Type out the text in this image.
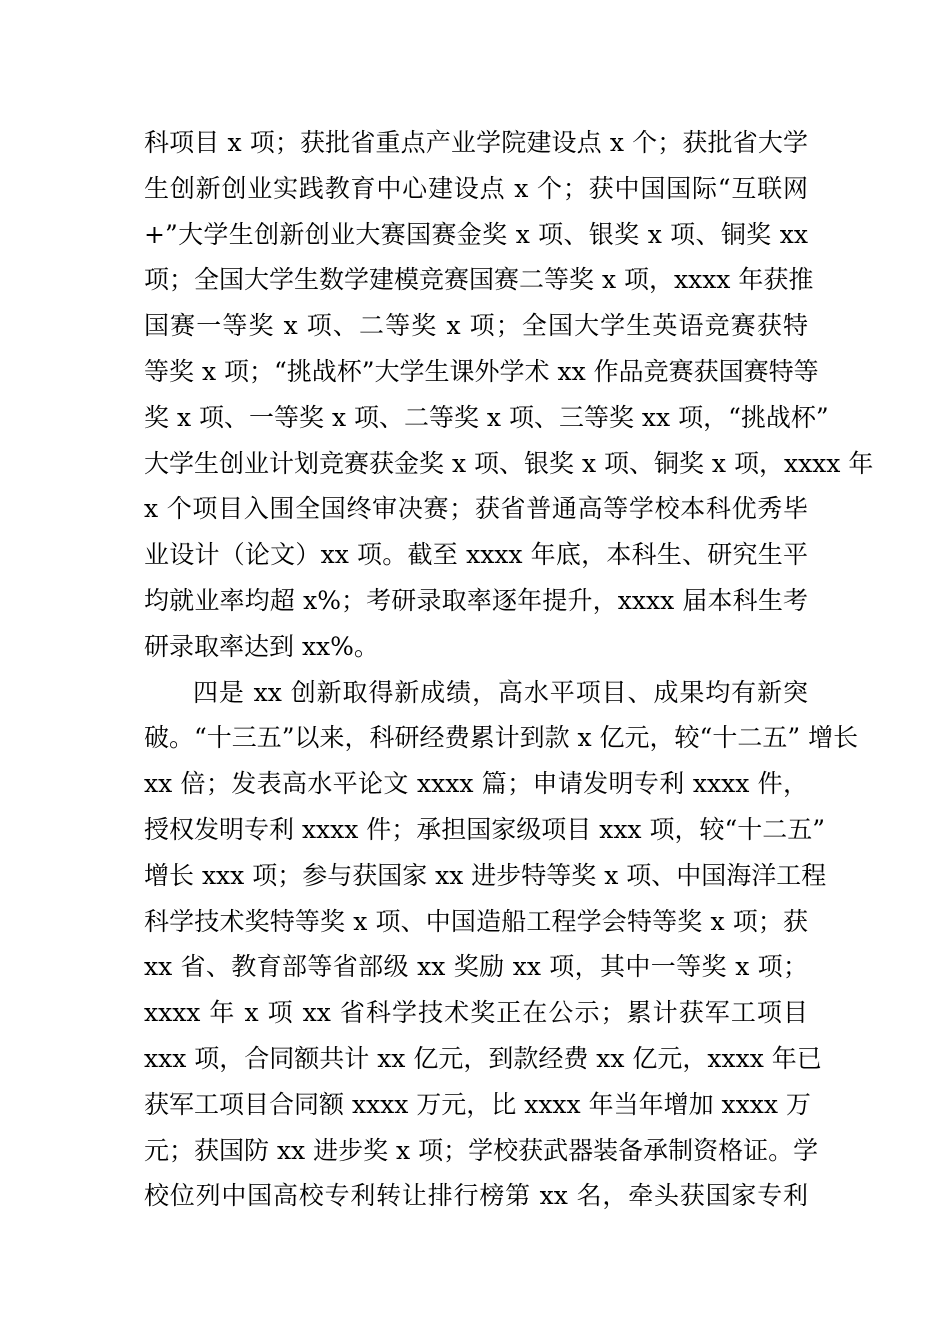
科项目 x 项；获批省重点产业学院建设点 x 个；获批省大学
生创新创业实践教育中心建设点 x 个；获中国国际“互联网
+”大学生创新创业大赛国赛金奖 x 项、银奖 x 项、铜奖 xx
项；全国大学生数学建模竞赛国赛二等奖 x 项，xxxx 年获推
国赛一等奖 x 项、二等奖 x 项；全国大学生英语竞赛获特
等奖 x 项；“挑战杯”大学生课外学术 xx 作品竞赛获国赛特等
奖 x 项、一等奖 x 项、二等奖 x 项、三等奖 xx 项，“挑战杯”
大学生创业计划竞赛获金奖 x 项、银奖 x 项、铜奖 x 项，xxxx 年
x 个项目入围全国终审决赛；获省普通高等学校本科优秀毕
业设计（论文）xx 项。截至 xxxx 年底，本科生、研究生平
均就业率均超 x%；考研录取率逐年提升，xxxx 届本科生考
研录取率达到 xx%。
四是 xx 创新取得新成绩，高水平项目、成果均有新突
破。“十三五”以来，科研经费累计到款 x 亿元，较“十二五” 增长
xx 倍；发表高水平论文 xxxx 篇；申请发明专利 xxxx 件，
授权发明专利 xxxx 件；承担国家级项目 xxx 项，较“十二五”
增长 xxx 项；参与获国家 xx 进步特等奖 x 项、中国海洋工程
科学技术奖特等奖 x 项、中国造船工程学会特等奖 x 项；获
xx 省、教育部等省部级 xx 奖励 xx 项，其中一等奖 x 项；
xxxx 年 x 项 xx 省科学技术奖正在公示；累计获军工项目
xxx 项，合同额共计 xx 亿元，到款经费 xx 亿元，xxxx 年已
获军工项目合同额 xxxx 万元，比 xxxx 年当年增加 xxxx 万
元；获国防 xx 进步奖 x 项；学校获武器装备承制资格证。学
校位列中国高校专利转让排行榜第 xx 名，牵头获国家专利
